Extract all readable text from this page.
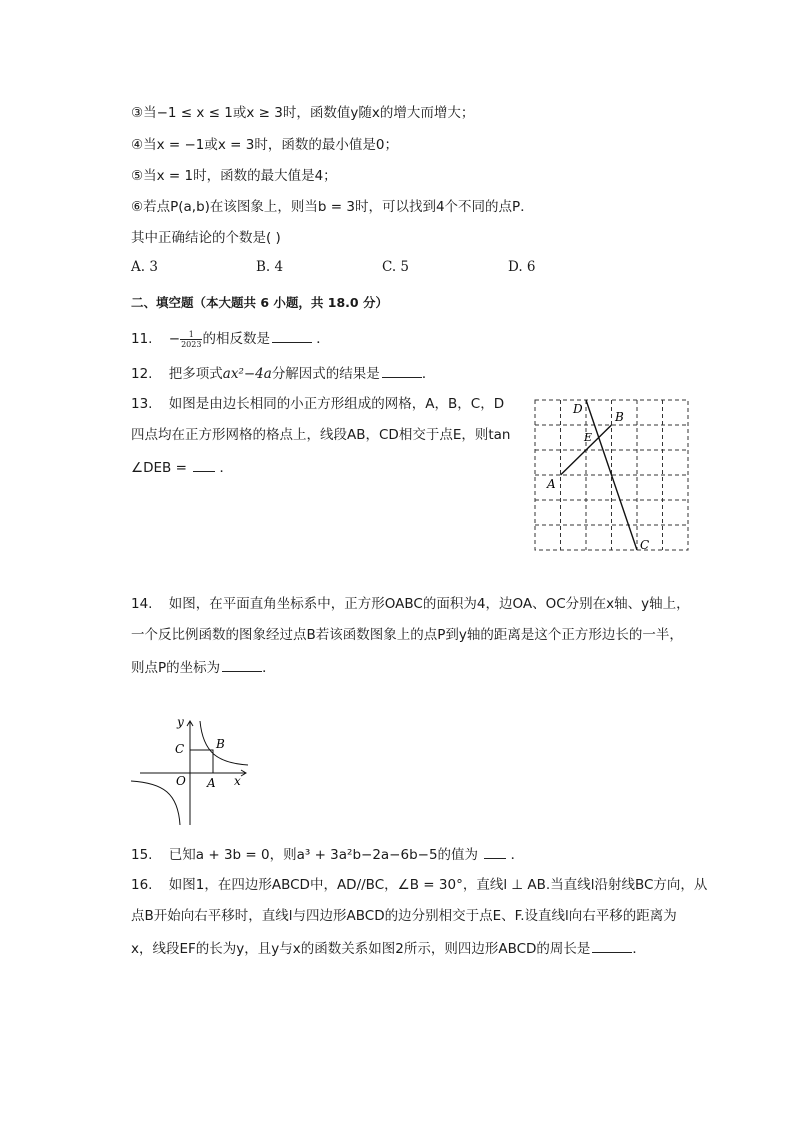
③当−1 ≤ x ≤ 1或x ≥ 3时，函数值y随x的增大而增大；
④当x = −1或x = 3时，函数的最小值是0；
⑤当x = 1时，函数的最大值是4；
⑥若点P(a,b)在该图象上，则当b = 3时，可以找到4个不同的点P．
其中正确结论的个数是( )
A. 3	B. 4	C. 5	D. 6
二、填空题（本大题共 6 小题，共 18.0 分）
11. − $\frac{1}{2023}$ 的相反数是	．
12. 把多项式ax²−4a分解因式的结果是	．
13. 如图是由边长相同的小正方形组成的网格，A，B，C，D
四点均在正方形网格的格点上，线段AB，CD相交于点E，则tan
∠DEB = ．
D
B
E
A
C
14. 如图，在平面直角坐标系中，正方形OABC的面积为4，边OA、OC分别在x轴、y轴上，
一个反比例函数的图象经过点B若该函数图象上的点P到y轴的距离是这个正方形边长的一半，
则点P的坐标为	．
y
x
C	B
O A
15. 已知a + 3b = 0，则a³ + 3a²b−2a−6b−5的值为 ．
16. 如图1，在四边形ABCD中，AD//BC，∠B = 30°，直线l ⊥ AB.当直线l沿射线BC方向，从
点B开始向右平移时，直线l与四边形ABCD的边分别相交于点E、F.设直线l向右平移的距离为
x，线段EF的长为y，且y与x的函数关系如图2所示，则四边形ABCD的周长是	．
